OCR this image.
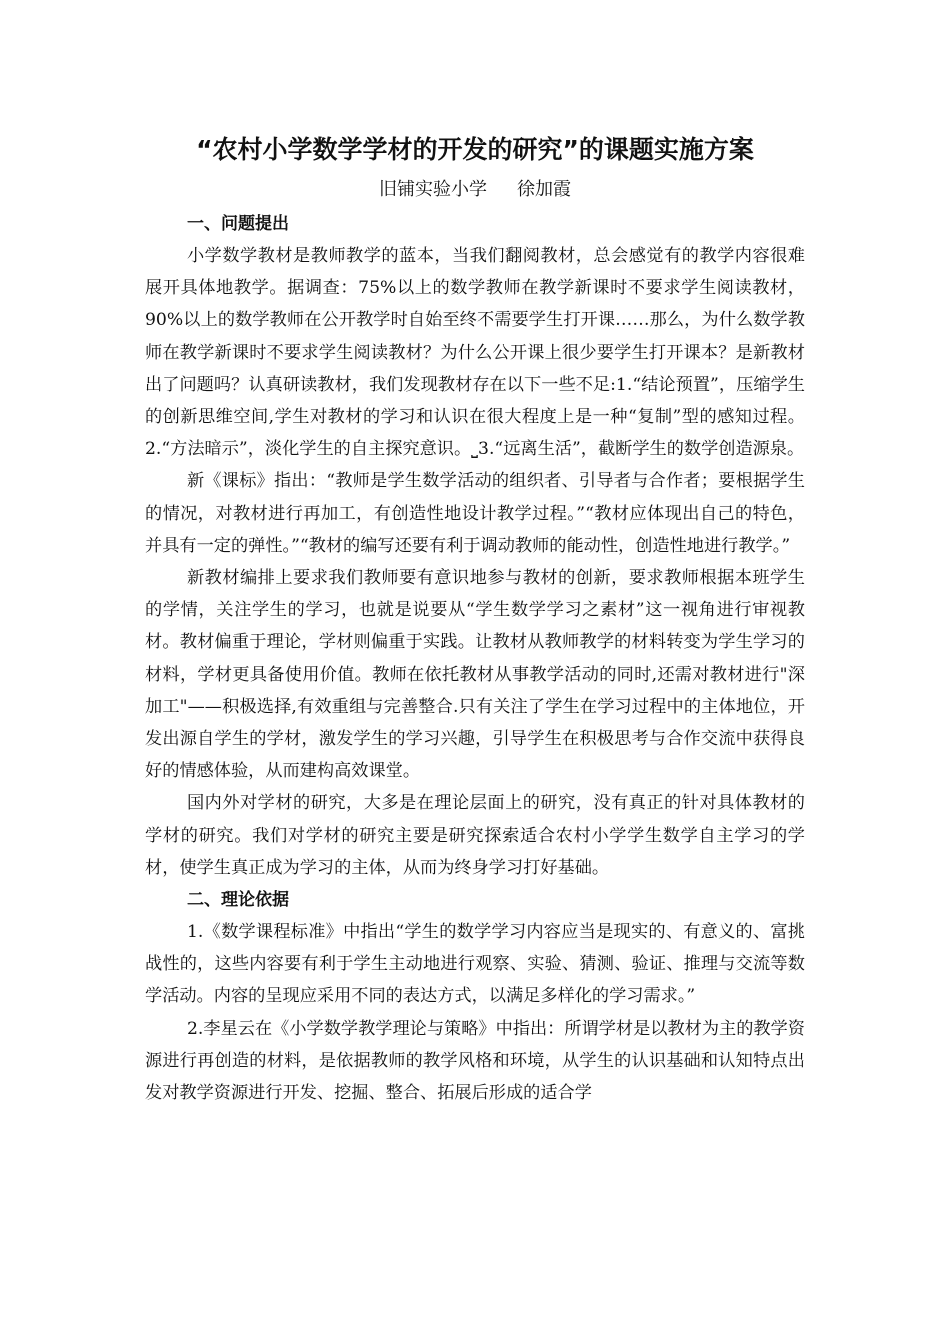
“农村小学数学学材的开发的研究”的课题实施方案

旧铺实验小学 徐加霞

一、问题提出

小学数学教材是教师教学的蓝本，当我们翻阅教材，总会感觉有的教学内容很难展开具体地教学。据调查：75%以上的数学教师在教学新课时不要求学生阅读教材，90%以上的数学教师在公开教学时自始至终不需要学生打开课……那么，为什么数学教师在教学新课时不要求学生阅读教材？为什么公开课上很少要学生打开课本？是新教材出了问题吗？认真研读教材，我们发现教材存在以下一些不足:1.“结论预置”，压缩学生的创新思维空间,学生对教材的学习和认识在很大程度上是一种“复制”型的感知过程。2.“方法暗示”，淡化学生的自主探究意识。⎵3.“远离生活”，截断学生的数学创造源泉。

新《课标》指出：“教师是学生数学活动的组织者、引导者与合作者；要根据学生的情况，对教材进行再加工，有创造性地设计教学过程。”“教材应体现出自己的特色，并具有一定的弹性。”“教材的编写还要有利于调动教师的能动性，创造性地进行教学。”

新教材编排上要求我们教师要有意识地参与教材的创新，要求教师根据本班学生的学情，关注学生的学习，也就是说要从“学生数学学习之素材”这一视角进行审视教材。教材偏重于理论，学材则偏重于实践。让教材从教师教学的材料转变为学生学习的材料，学材更具备使用价值。教师在依托教材从事教学活动的同时,还需对教材进行"深加工"——积极选择,有效重组与完善整合.只有关注了学生在学习过程中的主体地位，开发出源自学生的学材，激发学生的学习兴趣，引导学生在积极思考与合作交流中获得良好的情感体验，从而建构高效课堂。

国内外对学材的研究，大多是在理论层面上的研究，没有真正的针对具体教材的学材的研究。我们对学材的研究主要是研究探索适合农村小学学生数学自主学习的学材，使学生真正成为学习的主体，从而为终身学习打好基础。

二、理论依据

1.《数学课程标准》中指出“学生的数学学习内容应当是现实的、有意义的、富挑战性的，这些内容要有利于学生主动地进行观察、实验、猜测、验证、推理与交流等数学活动。内容的呈现应采用不同的表达方式，以满足多样化的学习需求。”

2.李星云在《小学数学教学理论与策略》中指出：所谓学材是以教材为主的教学资源进行再创造的材料，是依据教师的教学风格和环境，从学生的认识基础和认知特点出发对教学资源进行开发、挖掘、整合、拓展后形成的适合学
